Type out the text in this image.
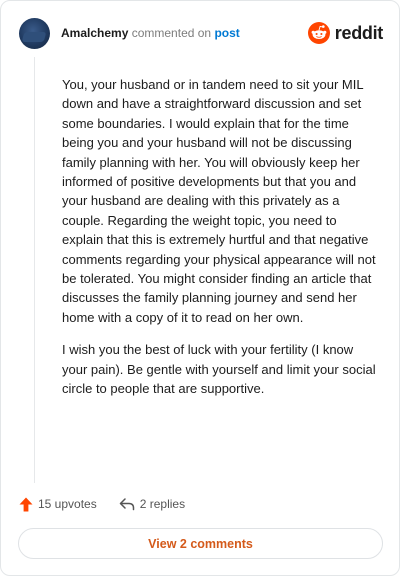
Amalchemy commented on post	reddit

You, your husband or in tandem need to sit your MIL down and have a straightforward discussion and set some boundaries. I would explain that for the time being you and your husband will not be discussing family planning with her. You will obviously keep her informed of positive developments but that you and your husband are dealing with this privately as a couple. Regarding the weight topic, you need to explain that this is extremely hurtful and that negative comments regarding your physical appearance will not be tolerated. You might consider finding an article that discusses the family planning journey and send her home with a copy of it to read on her own.

I wish you the best of luck with your fertility (I know your pain). Be gentle with yourself and limit your social circle to people that are supportive.

15 upvotes	2 replies
View 2 comments
